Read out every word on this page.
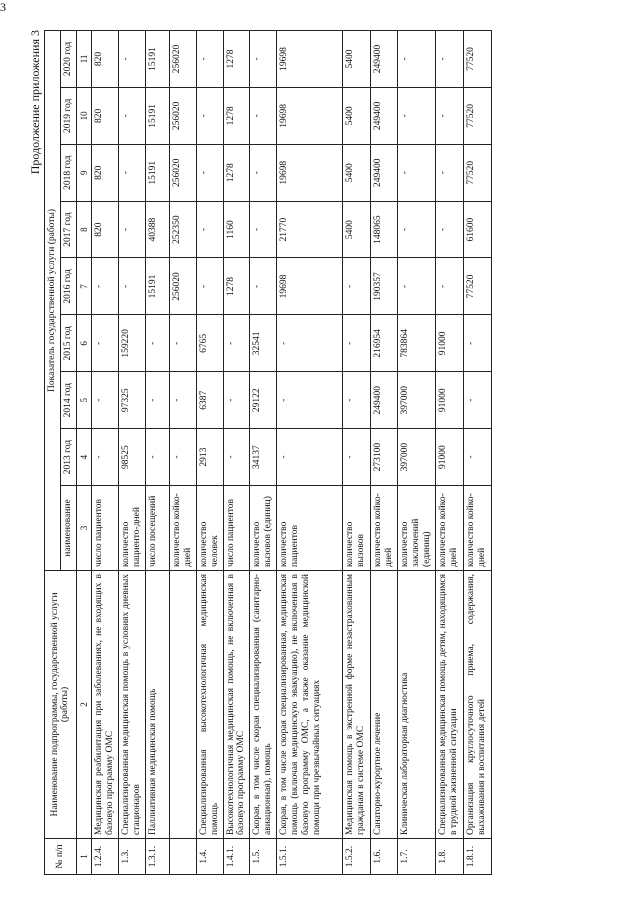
3
Продолжение приложения 3
№ п/п	Наименование подпрограммы, государственной услуги (работы)	Показатель государственной услуги (работы)								
		наименование	2013 год	2014 год	2015 год	2016 год	2017 год	2018 год	2019 год	2020 год
1	2	3	4	5	6	7	8	9	10	11
1.2.4.	Медицинская реабилитация при заболеваниях, не входящих в базовую программу ОМС	число пациентов	-	-	-	-	820	820	820	820
1.3.	Специализированная медицинская помощь в условиях дневных стационаров	количество пациенто-дней	98525	97325	159220	-	-	-	-	-
1.3.1.	Паллиативная медицинская помощь	число посещений	-	-	-	15191	40388	15191	15191	15191
		количество койко-дней	-	-	-	256020	252350	256020	256020	256020
1.4.	Специализированная высокотехнологичная медицинская помощь	количество человек	2913	6387	6765	-	-	-	-	-
1.4.1.	Высокотехнологичная медицинская помощь, не включенная в базовую программу ОМС	число пациентов	-	-	-	1278	1160	1278	1278	1278
1.5.	Скорая, в том числе скорая специализированная (санитарно-авиационная), помощь	количество вызовов (единиц)	34137	29122	32541	-	-	-	-	-
1.5.1.	Скорая, в том числе скорая специализированная, медицинская помощь (включая медицинскую эвакуацию), не включенная в базовую программу ОМС, а также оказание медицинской помощи при чрезвычайных ситуациях	количество пациентов	-	-	-	19698	21770	19698	19698	19698
1.5.2.	Медицинская помощь в экстренной форме незастрахованным гражданам в системе ОМС	количество вызовов	-	-	-	-	5400	5400	5400	5400
1.6.	Санаторно-курортное лечение	количество койко-дней	273100	249400	216954	190357	148065	249400	249400	249400
1.7.	Клиническая лабораторная диагностика	количество заключений (единиц)	397000	397000	783864	-	-	-	-	-
1.8.	Специализированная медицинская помощь детям, находящимся в трудной жизненной ситуации	количество койко-дней	91000	91000	91000	-	-	-	-	-
1.8.1.	Организация круглосуточного приема, содержания, выхаживания и воспитания детей	количество койко-дней	-	-	-	77520	61600	77520	77520	77520
